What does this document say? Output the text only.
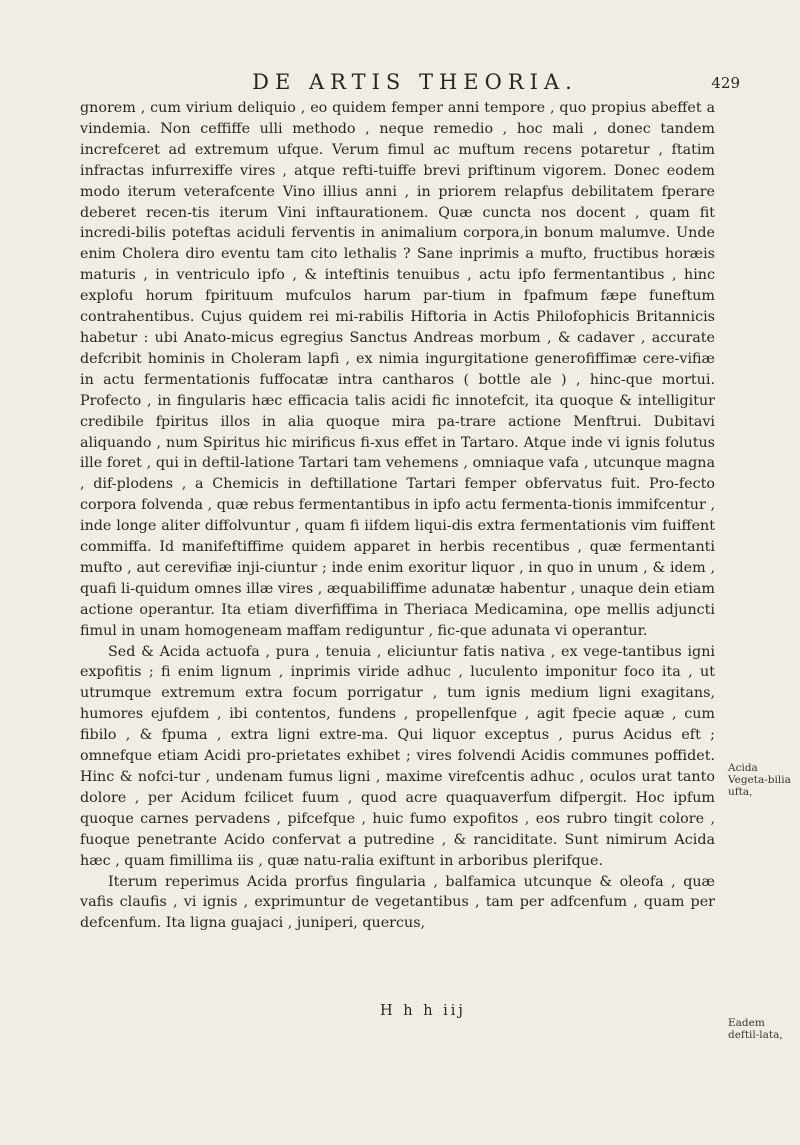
DE ARTIS THEORIA.	429

gnorem , cum virium deliquio , eo quidem femper anni tempore , quo propius abeffet a vindemia. Non ceffiffe ulli methodo , neque remedio , hoc mali , donec tandem increfceret ad extremum ufque. Verum fimul ac muftum recens potaretur , ftatim infractas infurrexiffe vires , atque refti-tuiffe brevi priftinum vigorem. Donec eodem modo iterum veterafcente Vino illius anni , in priorem relapfus debilitatem fperare deberet recen-tis iterum Vini inftaurationem. Quæ cuncta nos docent , quam fit incredi-bilis poteftas aciduli ferventis in animalium corpora,in bonum malumve. Unde enim Cholera diro eventu tam cito lethalis ? Sane inprimis a mufto, fructibus horæis maturis , in ventriculo ipfo , & inteftinis tenuibus , actu ipfo fermentantibus , hinc explofu horum fpirituum mufculos harum par-tium in fpafmum fæpe funeftum contrahentibus. Cujus quidem rei mi-rabilis Hiftoria in Actis Philofophicis Britannicis habetur : ubi Anato-micus egregius Sanctus Andreas morbum , & cadaver , accurate defcribit hominis in Choleram lapfi , ex nimia ingurgitatione generofiffimæ cere-vifiæ in actu fermentationis fuffocatæ intra cantharos ( bottle ale ) , hinc-que mortui. Profecto , in fingularis hæc efficacia talis acidi fic innotefcit, ita quoque & intelligitur credibile fpiritus illos in alia quoque mira pa-trare actione Menftrui. Dubitavi aliquando , num Spiritus hic mirificus fi-xus effet in Tartaro. Atque inde vi ignis folutus ille foret , qui in deftil-latione Tartari tam vehemens , omniaque vafa , utcunque magna , dif-plodens , a Chemicis in deftillatione Tartari femper obfervatus fuit. Pro-fecto corpora folvenda , quæ rebus fermentantibus in ipfo actu fermenta-tionis immifcentur , inde longe aliter diffolvuntur , quam fi iifdem liqui-dis extra fermentationis vim fuiffent commiffa. Id manifeftiffime quidem apparet in herbis recentibus , quæ fermentanti mufto , aut cerevifiæ inji-ciuntur ; inde enim exoritur liquor , in quo in unum , & idem , quafi li-quidum omnes illæ vires , æquabiliffime adunatæ habentur , unaque dein etiam actione operantur. Ita etiam diverfiffima in Theriaca Medicamina, ope mellis adjuncti fimul in unam homogeneam maffam rediguntur , fic-que adunata vi operantur.

Sed & Acida actuofa , pura , tenuia , eliciuntur fatis nativa , ex vege-tantibus igni expofitis ; fi enim lignum , inprimis viride adhuc , luculento imponitur foco ita , ut utrumque extremum extra focum porrigatur , tum ignis medium ligni exagitans, humores ejufdem , ibi contentos, fundens , propellenfque , agit fpecie aquæ , cum fibilo , & fpuma , extra ligni extre-ma. Qui liquor exceptus , purus Acidus eft ; omnefque etiam Acidi pro-prietates exhibet ; vires folvendi Acidis communes poffidet. Hinc & nofci-tur , undenam fumus ligni , maxime virefcentis adhuc , oculos urat tanto dolore , per Acidum fcilicet fuum , quod acre quaquaverfum difpergit. Hoc ipfum quoque carnes pervadens , pifcefque , huic fumo expofitos , eos rubro tingit colore , fuoque penetrante Acido confervat a putredine , & ranciditate. Sunt nimirum Acida hæc , quam fimillima iis , quæ natu-ralia exiftunt in arboribus plerifque.

Iterum reperimus Acida prorfus fingularia , balfamica utcunque & oleofa , quæ vafis claufis , vi ignis , exprimuntur de vegetantibus , tam per adfcenfum , quam per defcenfum. Ita ligna guajaci , juniperi, quercus,

Acida Vegeta-bilia ufta,
Eadem deftil-lata,
H h h iij
